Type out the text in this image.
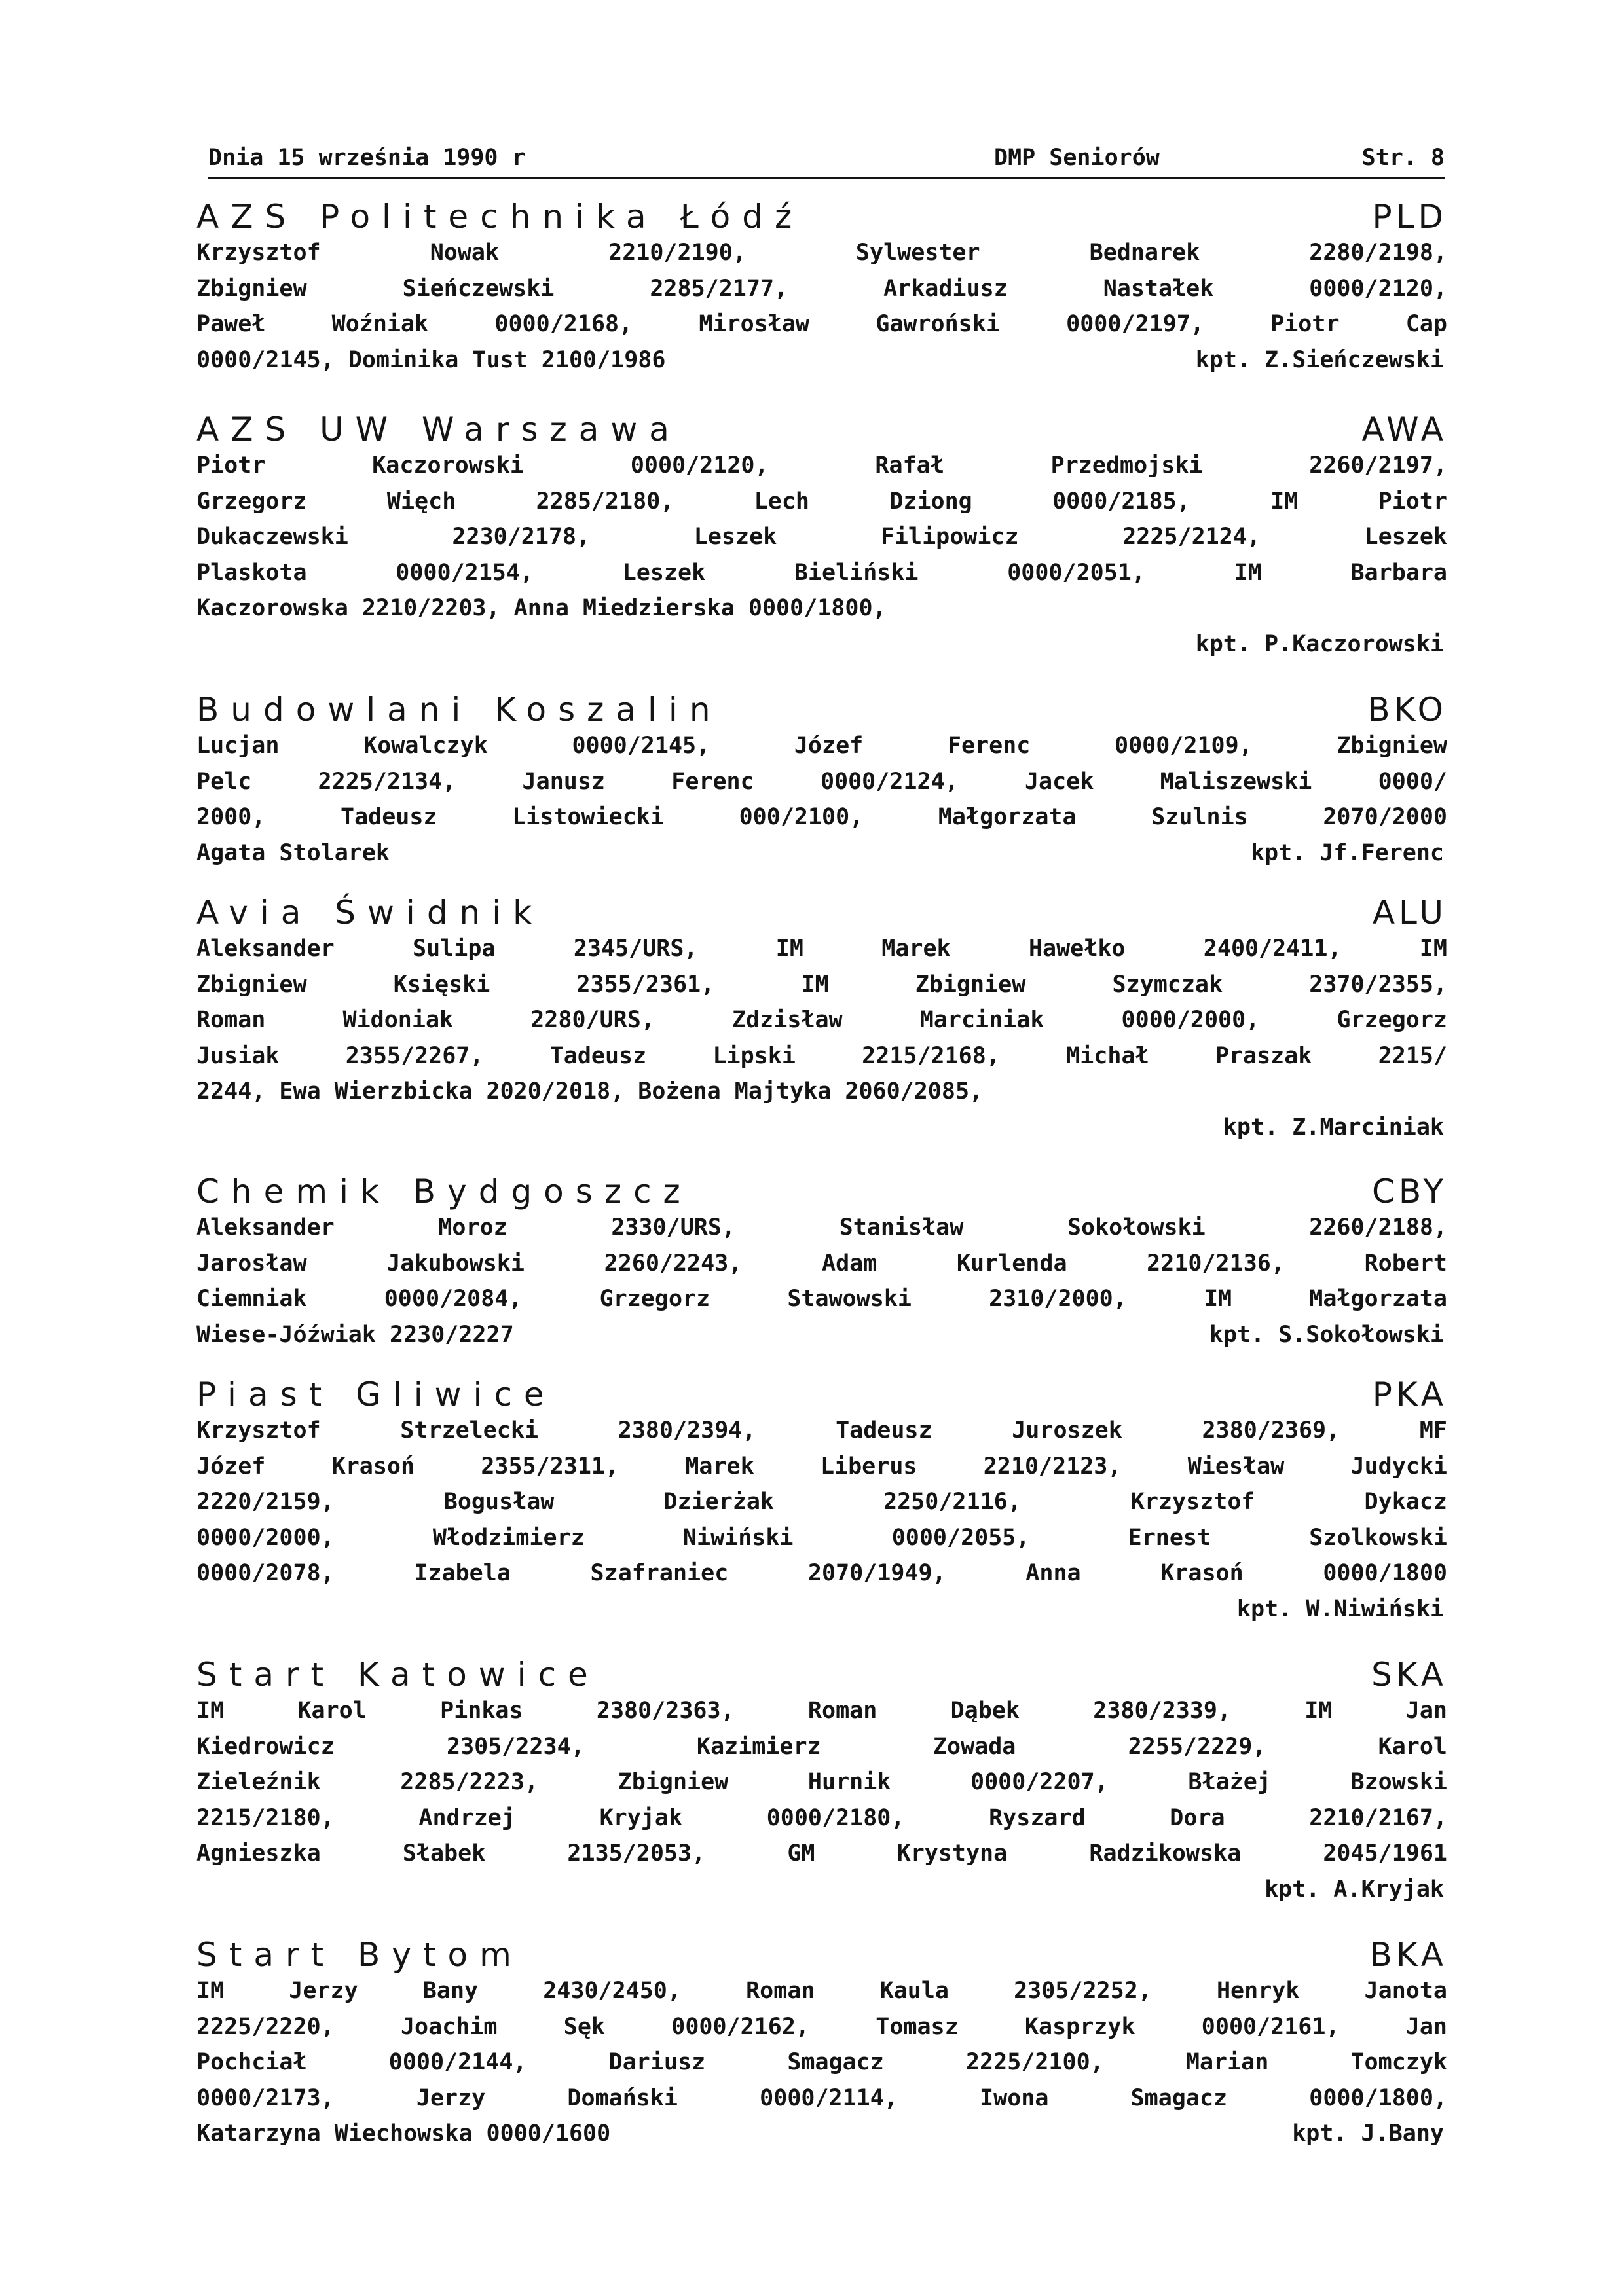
Dnia 15 września 1990 r	DMP Seniorów	Str. 8
AZS Politechnika Łódź	PLD
Krzysztof Nowak 2210/2190, Sylwester Bednarek 2280/2198,
Zbigniew Sieńczewski 2285/2177, Arkadiusz Nastałek 0000/2120,
Paweł Woźniak 0000/2168, Mirosław Gawroński 0000/2197, Piotr Cap
0000/2145, Dominika Tust 2100/1986	kpt. Z.Sieńczewski
AZS UW Warszawa	AWA
Piotr Kaczorowski 0000/2120, Rafał Przedmojski 2260/2197,
Grzegorz Więch 2285/2180, Lech Dziong 0000/2185, IM Piotr
Dukaczewski 2230/2178, Leszek Filipowicz 2225/2124, Leszek
Plaskota 0000/2154, Leszek Bieliński 0000/2051, IM Barbara
Kaczorowska 2210/2203, Anna Miedzierska 0000/1800,
kpt. P.Kaczorowski
Budowlani Koszalin	BKO
Lucjan Kowalczyk 0000/2145, Józef Ferenc 0000/2109, Zbigniew
Pelc 2225/2134, Janusz Ferenc 0000/2124, Jacek Maliszewski 0000/
2000, Tadeusz Listowiecki 000/2100, Małgorzata Szulnis 2070/2000
Agata Stolarek	kpt. Jf.Ferenc
Avia Świdnik	ALU
Aleksander Sulipa 2345/URS, IM Marek Hawełko 2400/2411, IM
Zbigniew Księski 2355/2361, IM Zbigniew Szymczak 2370/2355,
Roman Widoniak 2280/URS, Zdzisław Marciniak 0000/2000, Grzegorz
Jusiak 2355/2267, Tadeusz Lipski 2215/2168, Michał Praszak 2215/
2244, Ewa Wierzbicka 2020/2018, Bożena Majtyka 2060/2085,
kpt. Z.Marciniak
Chemik Bydgoszcz	CBY
Aleksander Moroz 2330/URS, Stanisław Sokołowski 2260/2188,
Jarosław Jakubowski 2260/2243, Adam Kurlenda 2210/2136, Robert
Ciemniak 0000/2084, Grzegorz Stawowski 2310/2000, IM Małgorzata
Wiese-Jóźwiak 2230/2227	kpt. S.Sokołowski
Piast Gliwice	PKA
Krzysztof Strzelecki 2380/2394, Tadeusz Juroszek 2380/2369, MF
Józef Krasoń 2355/2311, Marek Liberus 2210/2123, Wiesław Judycki
2220/2159, Bogusław Dzierżak 2250/2116, Krzysztof Dykacz
0000/2000, Włodzimierz Niwiński 0000/2055, Ernest Szolkowski
0000/2078, Izabela Szafraniec 2070/1949, Anna Krasoń 0000/1800
kpt. W.Niwiński
Start Katowice	SKA
IM Karol Pinkas 2380/2363, Roman Dąbek 2380/2339, IM Jan
Kiedrowicz 2305/2234, Kazimierz Zowada 2255/2229, Karol
Zieleźnik 2285/2223, Zbigniew Hurnik 0000/2207, Błażej Bzowski
2215/2180, Andrzej Kryjak 0000/2180, Ryszard Dora 2210/2167,
Agnieszka Słabek 2135/2053, GM Krystyna Radzikowska 2045/1961
kpt. A.Kryjak
Start Bytom	BKA
IM Jerzy Bany 2430/2450, Roman Kaula 2305/2252, Henryk Janota
2225/2220, Joachim Sęk 0000/2162, Tomasz Kasprzyk 0000/2161, Jan
Pochciał 0000/2144, Dariusz Smagacz 2225/2100, Marian Tomczyk
0000/2173, Jerzy Domański 0000/2114, Iwona Smagacz 0000/1800,
Katarzyna Wiechowska 0000/1600	kpt. J.Bany
